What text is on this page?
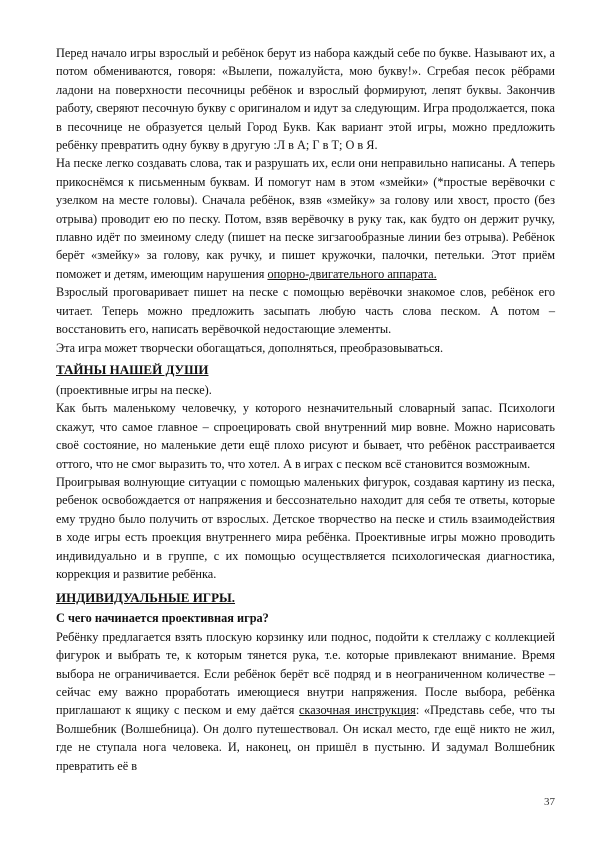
Перед начало игры взрослый и ребёнок берут из набора каждый себе по букве. Называют их, а потом обмениваются, говоря: «Вылепи, пожалуйста, мою букву!». Сгребая песок рёбрами ладони на поверхности песочницы ребёнок и взрослый формируют, лепят буквы. Закончив работу, сверяют песочную букву с оригиналом и идут за следующим. Игра продолжается, пока в песочнице не образуется целый Город Букв. Как вариант этой игры, можно предложить ребёнку превратить одну букву в другую :Л в А; Г в Т; О в Я.

На песке легко создавать слова, так и разрушать их, если они неправильно написаны. А теперь прикоснёмся к письменным буквам. И помогут нам в этом «змейки» (*простые верёвочки с узелком на месте головы). Сначала ребёнок, взяв «змейку» за голову или хвост, просто (без отрыва) проводит ею по песку. Потом, взяв верёвочку в руку так, как будто он держит ручку, плавно идёт по змеиному следу (пишет на песке зигзагообразные линии без отрыва). Ребёнок берёт «змейку» за голову, как ручку, и пишет кружочки, палочки, петельки. Этот приём поможет и детям, имеющим нарушения опорно-двигательного аппарата.

Взрослый проговаривает пишет на песке с помощью верёвочки знакомое слов, ребёнок его читает. Теперь можно предложить засыпать любую часть слова песком. А потом – восстановить его, написать верёвочкой недостающие элементы.

Эта игра может творчески обогащаться, дополняться, преобразовываться.

ТАЙНЫ НАШЕЙ ДУШИ

(проективные игры на песке).

Как быть маленькому человечку, у которого незначительный словарный запас. Психологи скажут, что самое главное – спроецировать свой внутренний мир вовне. Можно нарисовать своё состояние, но маленькие дети ещё плохо рисуют и бывает, что ребёнок расстраивается оттого, что не смог выразить то, что хотел. А в играх с песком всё становится возможным.

Проигрывая волнующие ситуации с помощью маленьких фигурок, создавая картину из песка, ребенок освобождается от напряжения и бессознательно находит для себя те ответы, которые ему трудно было получить от взрослых. Детское творчество на песке и стиль взаимодействия в ходе игры есть проекция внутреннего мира ребёнка. Проективные игры можно проводить индивидуально и в группе, с их помощью осуществляется психологическая диагностика, коррекция и развитие ребёнка.

ИНДИВИДУАЛЬНЫЕ ИГРЫ.

С чего начинается проективная игра?

Ребёнку предлагается взять плоскую корзинку или поднос, подойти к стеллажу с коллекцией фигурок и выбрать те, к которым тянется рука, т.е. которые привлекают внимание. Время выбора не ограничивается. Если ребёнок берёт всё подряд и в неограниченном количестве – сейчас ему важно проработать имеющиеся внутри напряжения. После выбора, ребёнка приглашают к ящику с песком и ему даётся сказочная инструкция: «Представь себе, что ты Волшебник (Волшебница). Он долго путешествовал. Он искал место, где ещё никто не жил, где не ступала нога человека. И, наконец, он пришёл в пустыню. И задумал Волшебник превратить её в

37
